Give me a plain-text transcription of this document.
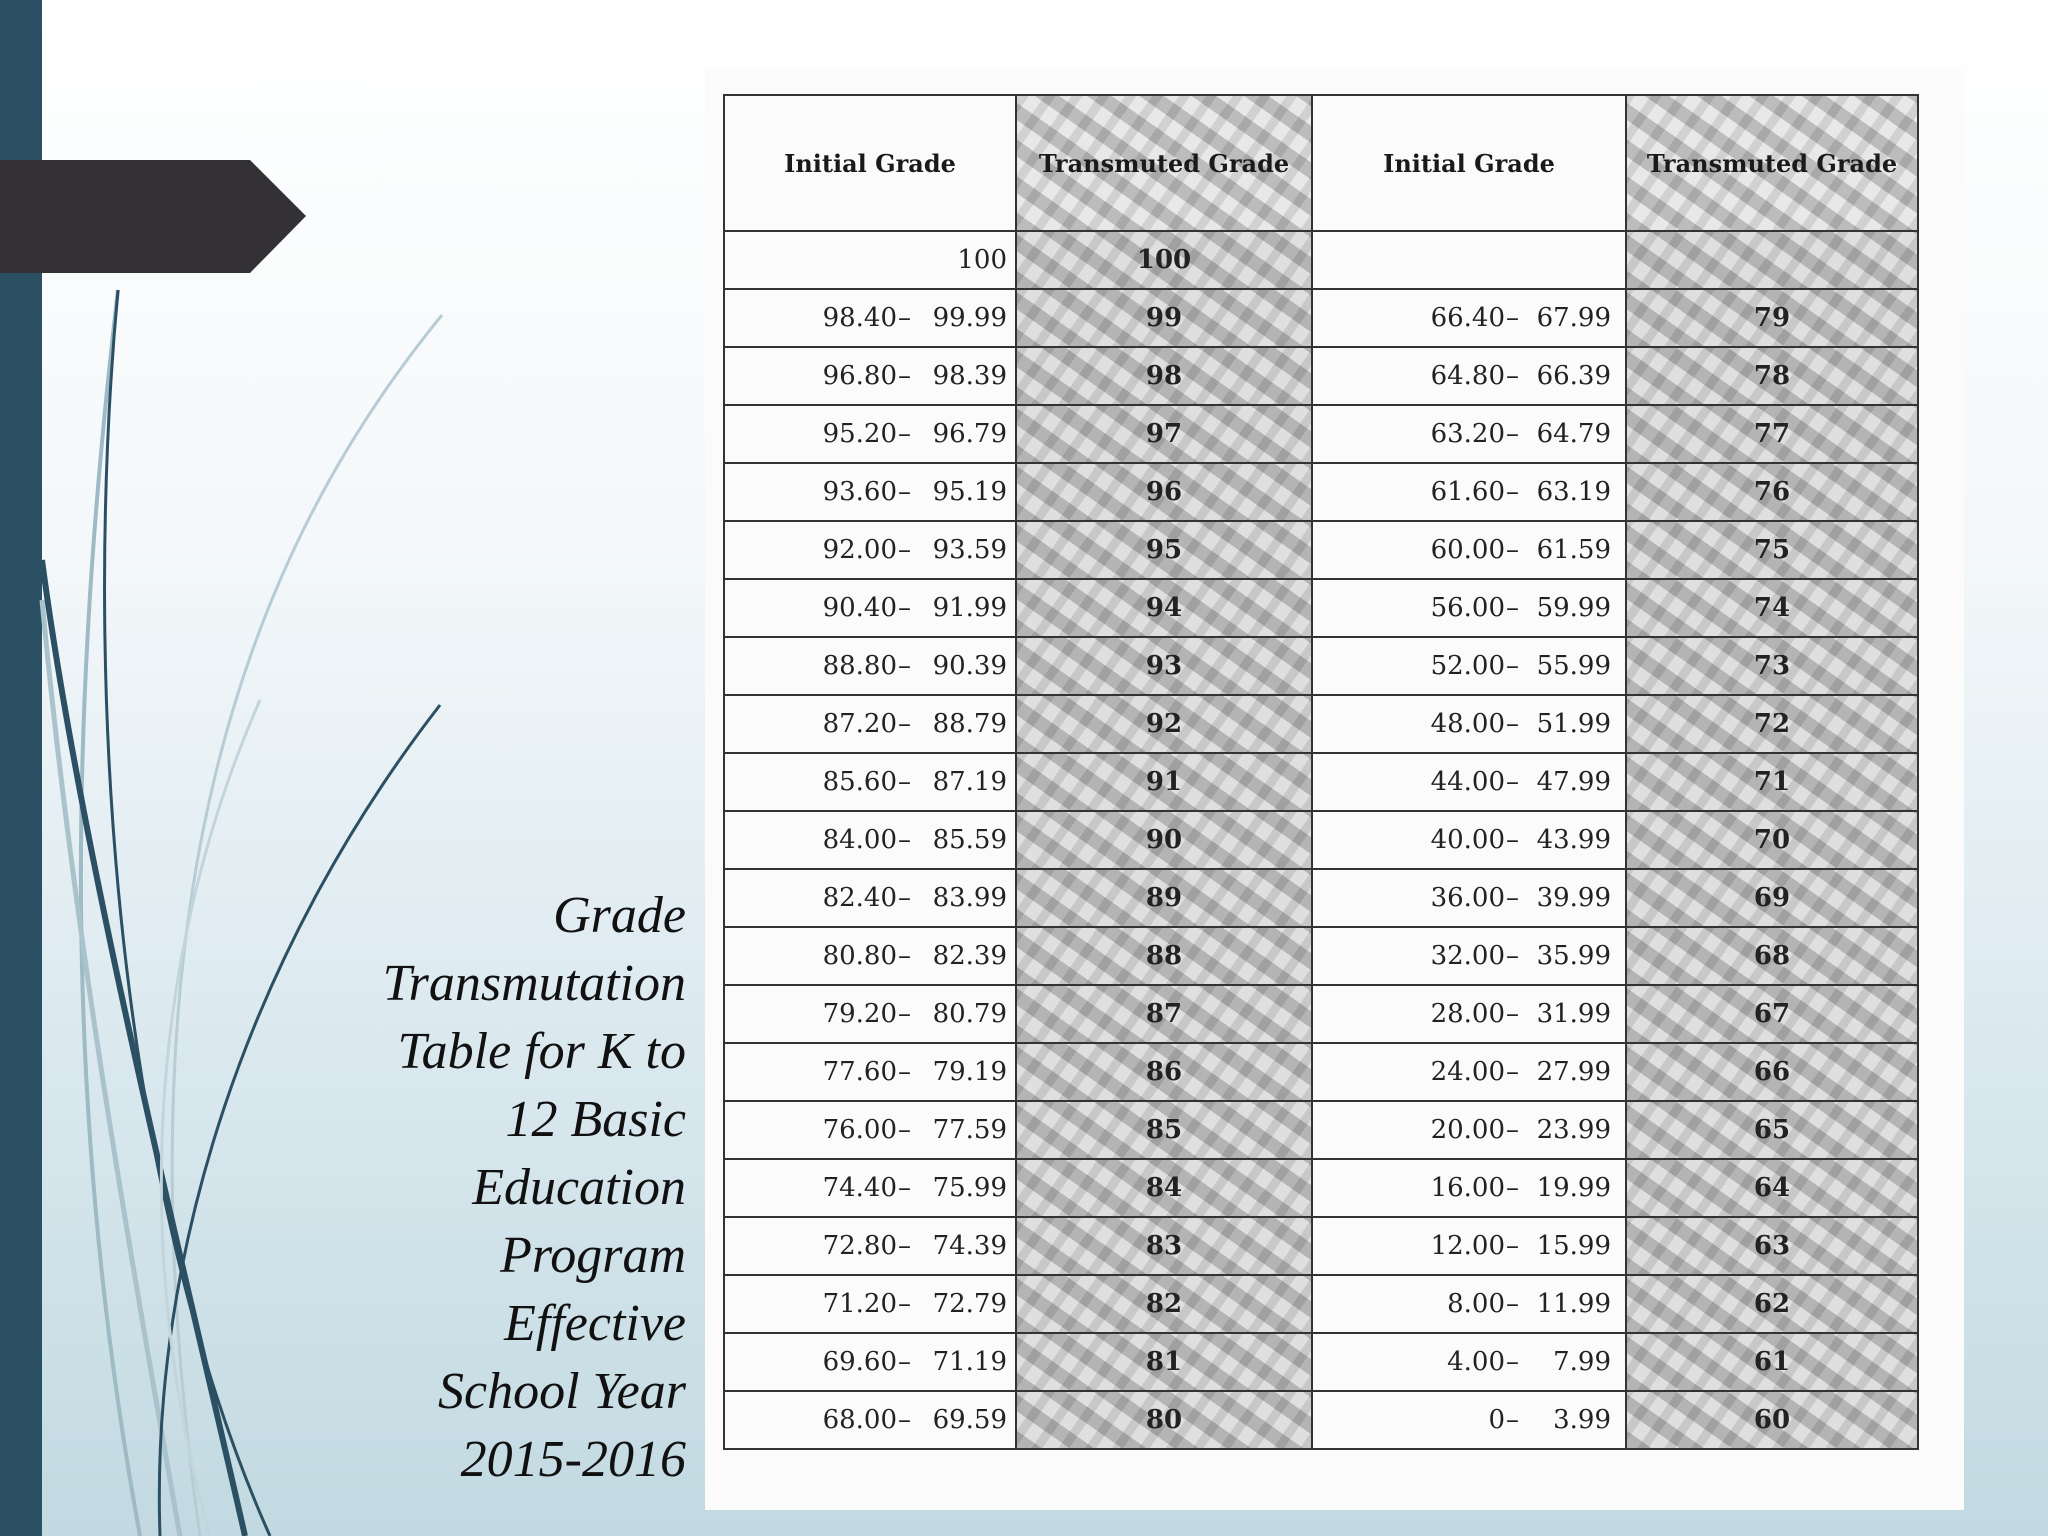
Grade
Transmutation
Table for K to
12 Basic
Education
Program
Effective
School Year
2015-2016
Initial Grade	Transmuted Grade	Initial Grade	Transmuted Grade

100	100		

98.40 – 99.99	99	66.40 – 67.99	79

96.80 – 98.39	98	64.80 – 66.39	78

95.20 – 96.79	97	63.20 – 64.79	77

93.60 – 95.19	96	61.60 – 63.19	76

92.00 – 93.59	95	60.00 – 61.59	75

90.40 – 91.99	94	56.00 – 59.99	74

88.80 – 90.39	93	52.00 – 55.99	73

87.20 – 88.79	92	48.00 – 51.99	72

85.60 – 87.19	91	44.00 – 47.99	71

84.00 – 85.59	90	40.00 – 43.99	70

82.40 – 83.99	89	36.00 – 39.99	69

80.80 – 82.39	88	32.00 – 35.99	68

79.20 – 80.79	87	28.00 – 31.99	67

77.60 – 79.19	86	24.00 – 27.99	66

76.00 – 77.59	85	20.00 – 23.99	65

74.40 – 75.99	84	16.00 – 19.99	64

72.80 – 74.39	83	12.00 – 15.99	63

71.20 – 72.79	82	8.00 – 11.99	62

69.60 – 71.19	81	4.00 – 7.99	61

68.00 – 69.59	80	0 – 3.99	60
